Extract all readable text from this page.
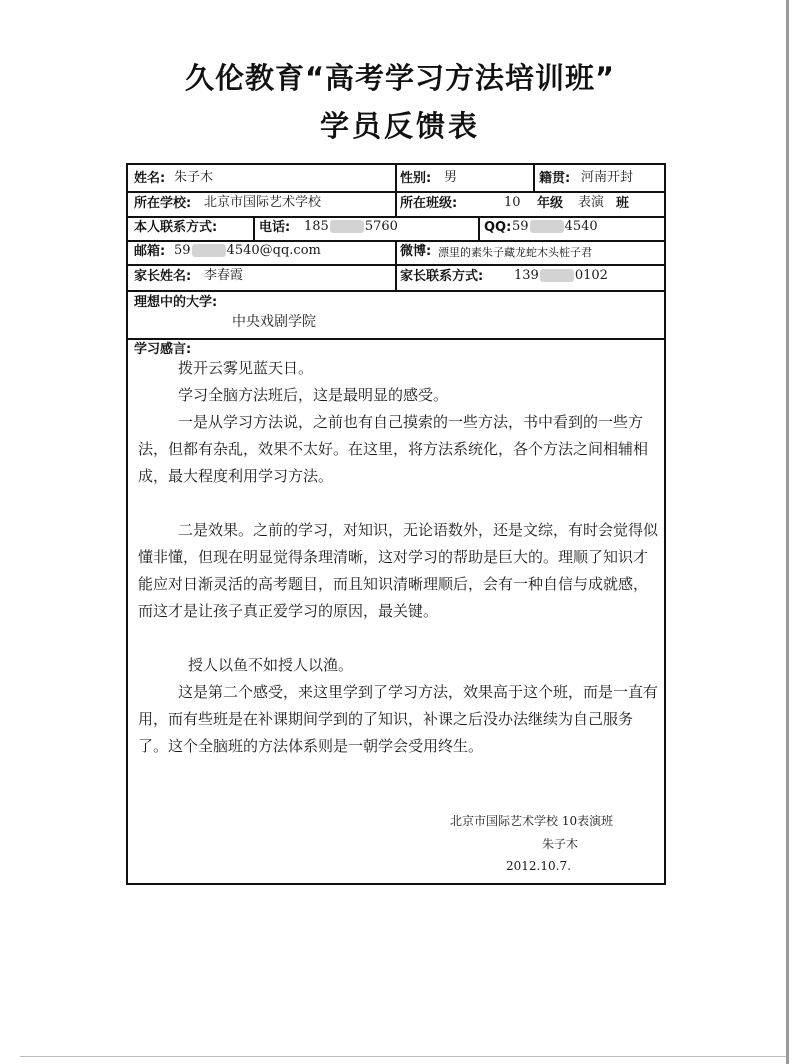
久伦教育“高考学习方法培训班”
学员反馈表
姓名: 朱子木	性别: 男	籍贯: 河南开封
所在学校: 北京市国际艺术学校	所在班级:	10 年级 表演 班
本人联系方式:	电话: 185	5760	QQ: 59	4540
邮箱: 59	4540@qq.com	微博: 漂里的素朱子藏龙蛇木头桩子君
家长姓名: 李春霞	家长联系方式: 139	0102
理想中的大学:
中央戏剧学院
学习感言:
拨开云雾见蓝天日。
学习全脑方法班后，这是最明显的感受。
一是从学习方法说，之前也有自己摸索的一些方法，书中看到的一些方法，但都有杂乱，效果不太好。在这里，将方法系统化，各个方法之间相辅相成，最大程度利用学习方法。
二是效果。之前的学习，对知识，无论语数外，还是文综，有时会觉得似懂非懂，但现在明显觉得条理清晰，这对学习的帮助是巨大的。理顺了知识才能应对日渐灵活的高考题目，而且知识清晰理顺后，会有一种自信与成就感，而这才是让孩子真正爱学习的原因，最关键。
授人以鱼不如授人以渔。
这是第二个感受，来这里学到了学习方法，效果高于这个班，而是一直有用，而有些班是在补课期间学到的了知识，补课之后没办法继续为自己服务了。这个全脑班的方法体系则是一朝学会受用终生。
北京市国际艺术学校 10表演班
朱子木
2012.10.7.
